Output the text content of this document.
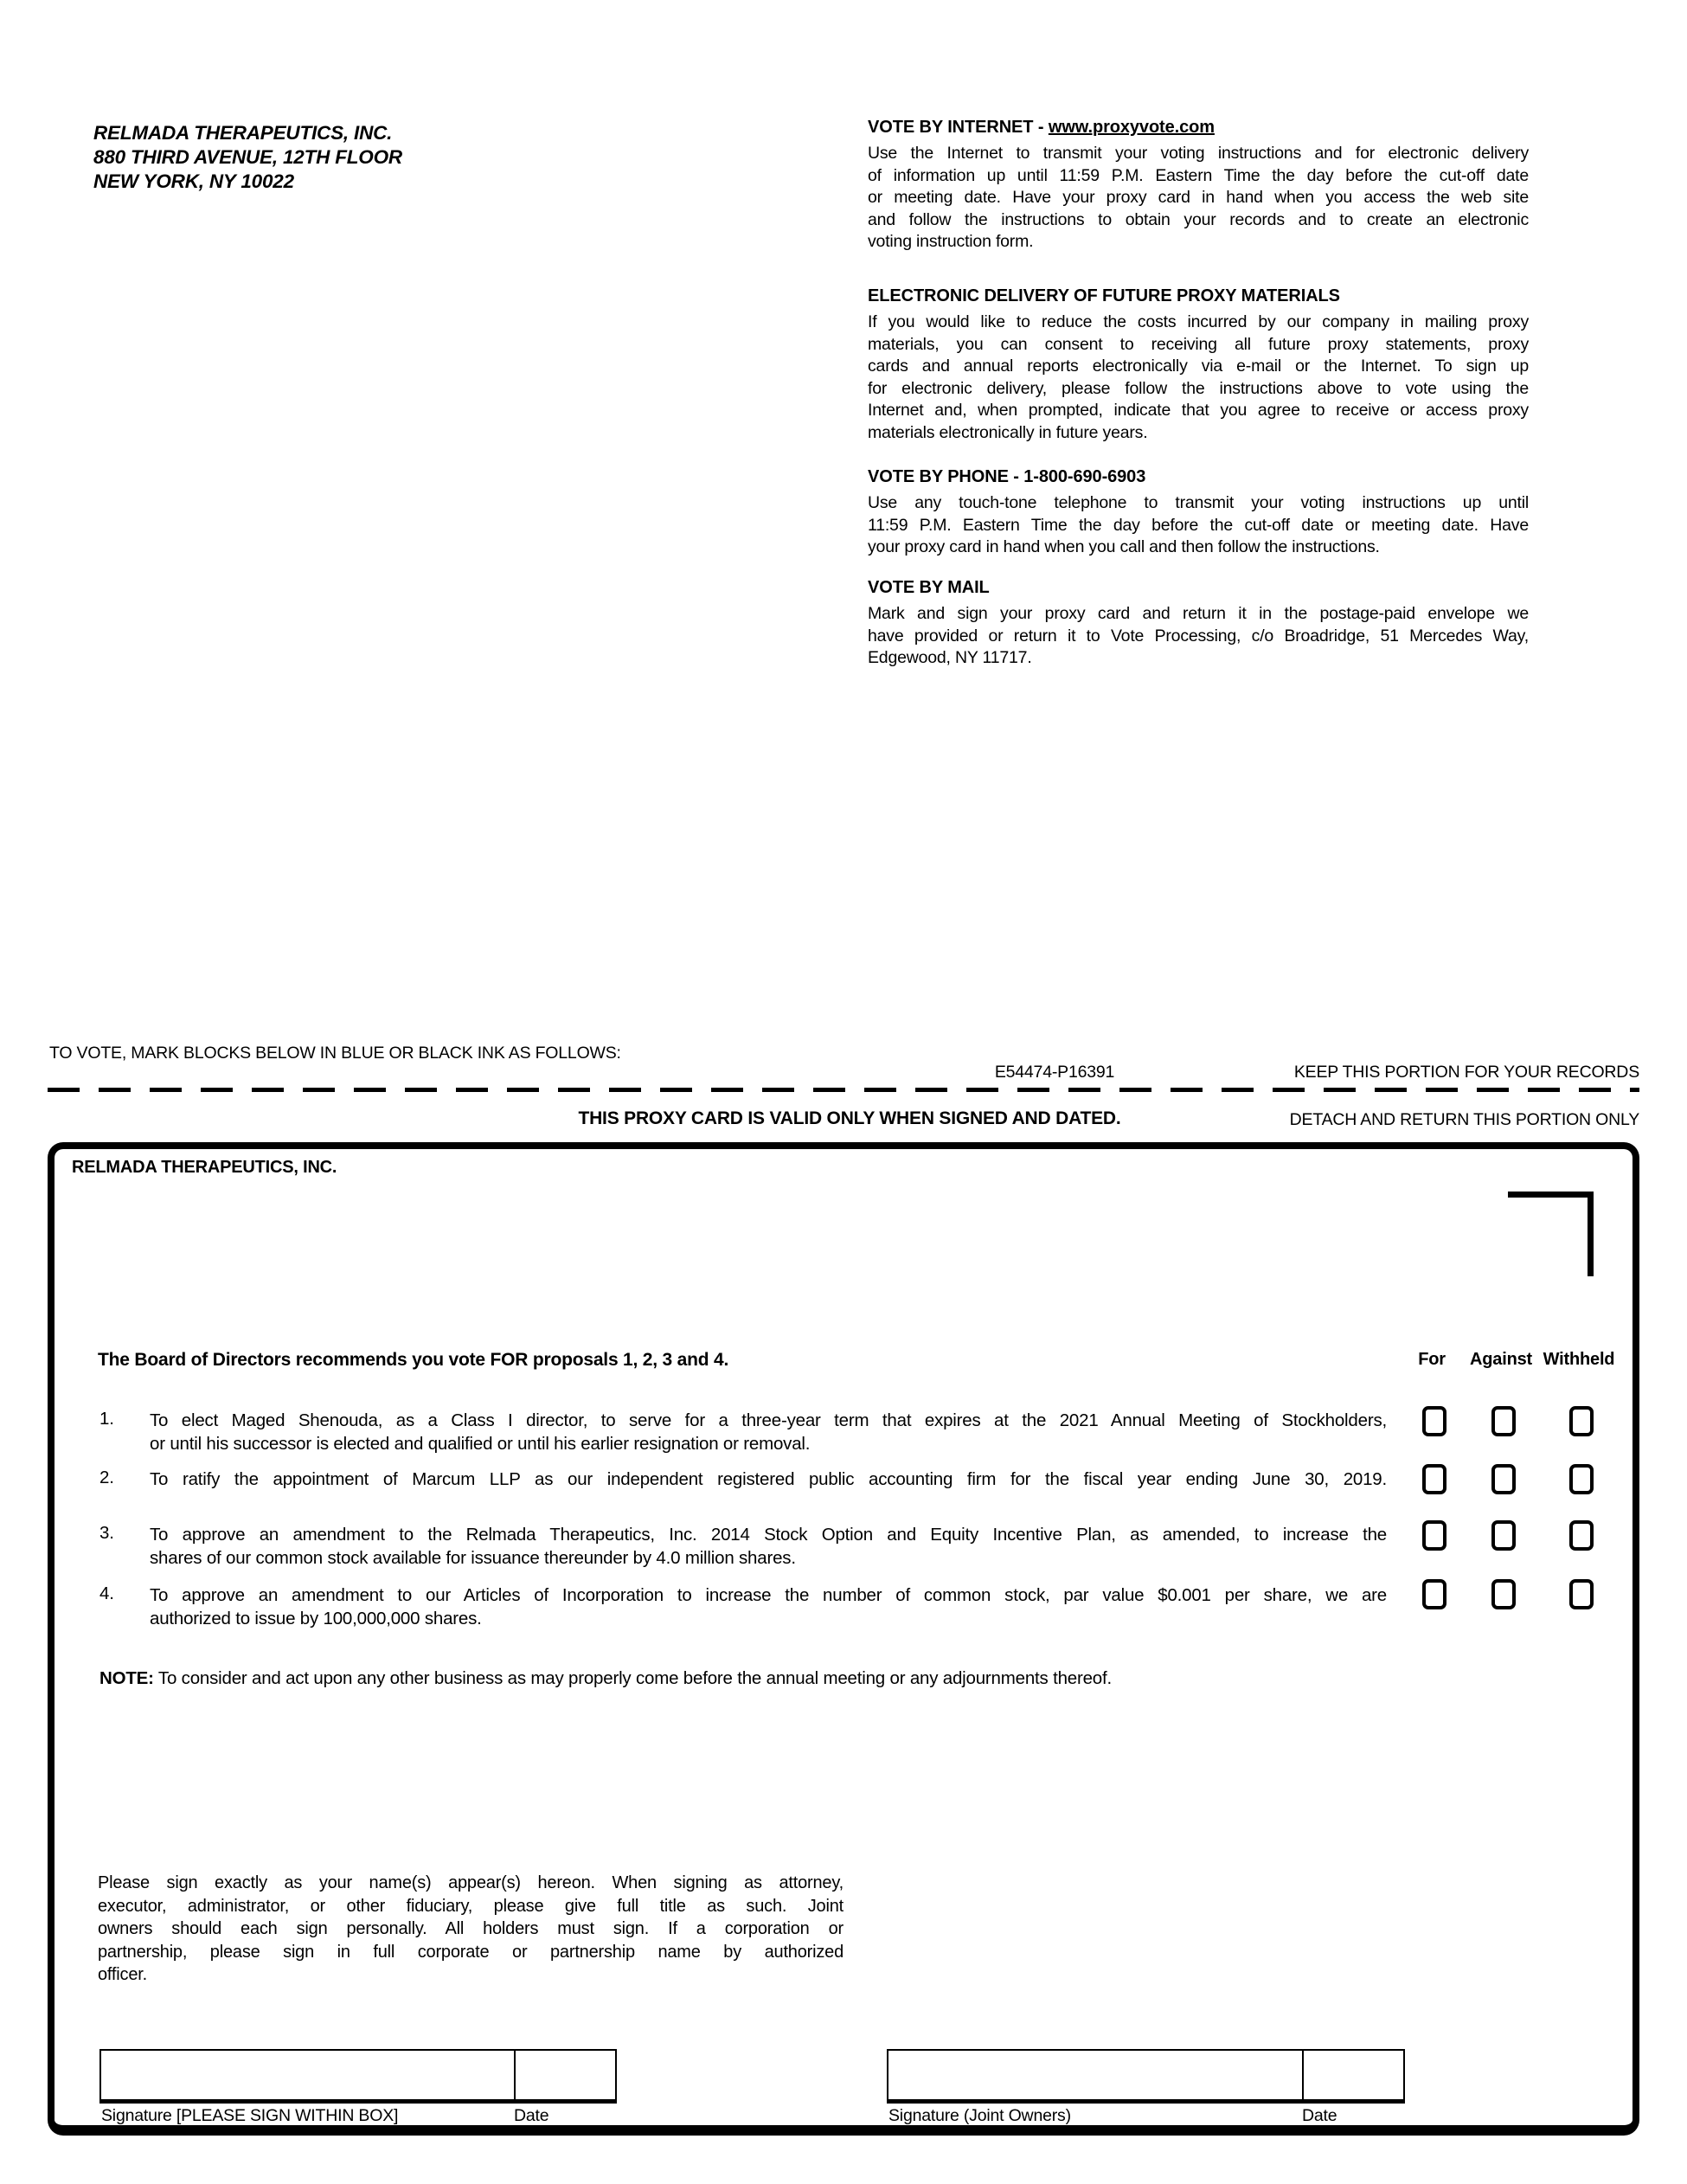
RELMADA THERAPEUTICS, INC.
880 THIRD AVENUE, 12TH FLOOR
NEW YORK, NY 10022
VOTE BY INTERNET - www.proxyvote.com
Use the Internet to transmit your voting instructions and for electronic delivery
of information up until 11:59 P.M. Eastern Time the day before the cut-off date
or meeting date. Have your proxy card in hand when you access the web site
and follow the instructions to obtain your records and to create an electronic
voting instruction form.
ELECTRONIC DELIVERY OF FUTURE PROXY MATERIALS
If you would like to reduce the costs incurred by our company in mailing proxy
materials, you can consent to receiving all future proxy statements, proxy
cards and annual reports electronically via e-mail or the Internet. To sign up
for electronic delivery, please follow the instructions above to vote using the
Internet and, when prompted, indicate that you agree to receive or access proxy
materials electronically in future years.
VOTE BY PHONE - 1-800-690-6903
Use any touch-tone telephone to transmit your voting instructions up until
11:59 P.M. Eastern Time the day before the cut-off date or meeting date. Have
your proxy card in hand when you call and then follow the instructions.
VOTE BY MAIL
Mark and sign your proxy card and return it in the postage-paid envelope we
have provided or return it to Vote Processing, c/o Broadridge, 51 Mercedes Way,
Edgewood, NY 11717.
TO VOTE, MARK BLOCKS BELOW IN BLUE OR BLACK INK AS FOLLOWS:
E54474-P16391	KEEP THIS PORTION FOR YOUR RECORDS
THIS PROXY CARD IS VALID ONLY WHEN SIGNED AND DATED.	DETACH AND RETURN THIS PORTION ONLY
RELMADA THERAPEUTICS, INC.
The Board of Directors recommends you vote FOR proposals 1, 2, 3 and 4.	For Against Withheld
1. To elect Maged Shenouda, as a Class I director, to serve for a three-year term that expires at the 2021 Annual Meeting of Stockholders,
or until his successor is elected and qualified or until his earlier resignation or removal.
2. To ratify the appointment of Marcum LLP as our independent registered public accounting firm for the fiscal year ending June 30, 2019.
3. To approve an amendment to the Relmada Therapeutics, Inc. 2014 Stock Option and Equity Incentive Plan, as amended, to increase the
shares of our common stock available for issuance thereunder by 4.0 million shares.
4. To approve an amendment to our Articles of Incorporation to increase the number of common stock, par value $0.001 per share, we are
authorized to issue by 100,000,000 shares.
NOTE: To consider and act upon any other business as may properly come before the annual meeting or any adjournments thereof.
Please sign exactly as your name(s) appear(s) hereon. When signing as attorney,
executor, administrator, or other fiduciary, please give full title as such. Joint
owners should each sign personally. All holders must sign. If a corporation or
partnership, please sign in full corporate or partnership name by authorized
officer.
Signature [PLEASE SIGN WITHIN BOX]	Date	Signature (Joint Owners)	Date
